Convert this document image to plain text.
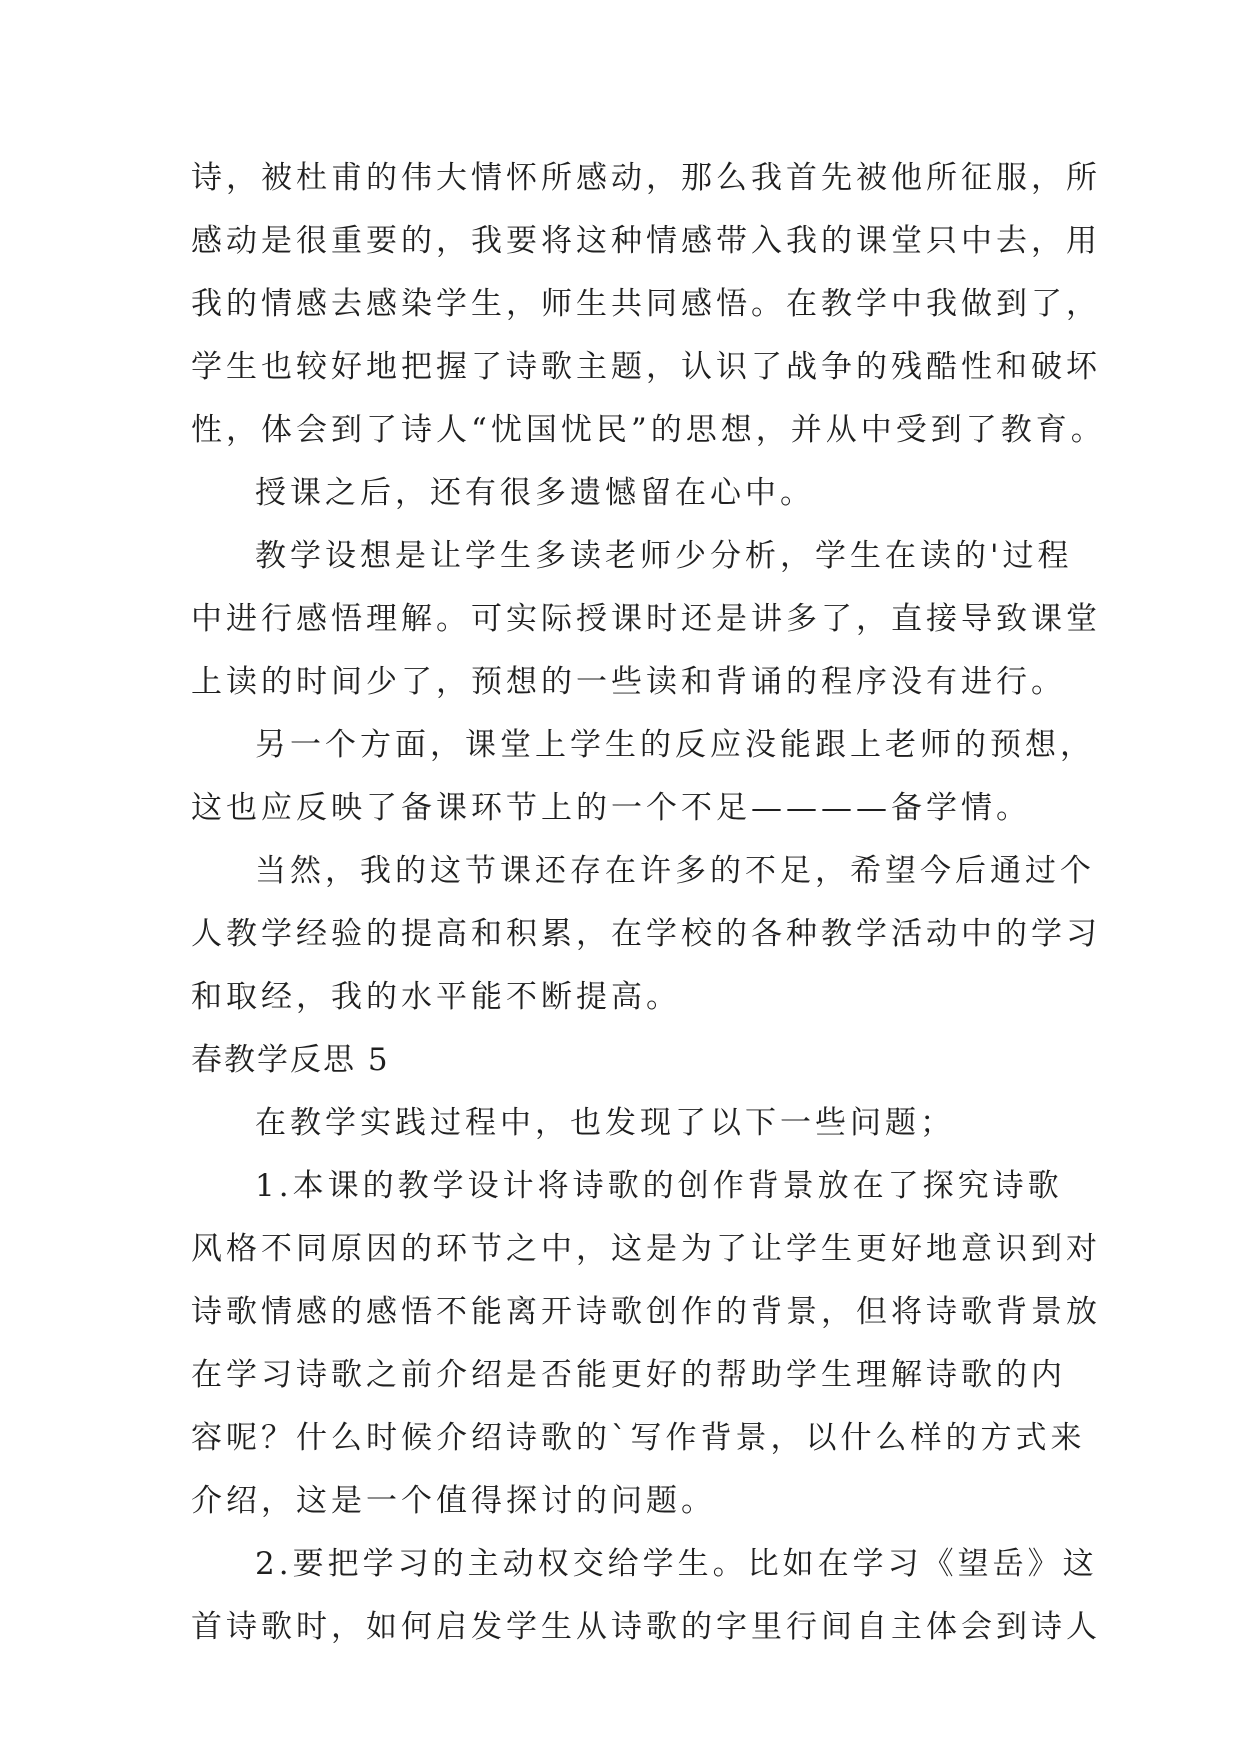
诗，被杜甫的伟大情怀所感动，那么我首先被他所征服，所

感动是很重要的，我要将这种情感带入我的课堂只中去，用

我的情感去感染学生，师生共同感悟。在教学中我做到了，

学生也较好地把握了诗歌主题，认识了战争的残酷性和破坏

性，体会到了诗人“忧国忧民”的思想，并从中受到了教育。

授课之后，还有很多遗憾留在心中。

教学设想是让学生多读老师少分析，学生在读的'过程

中进行感悟理解。可实际授课时还是讲多了，直接导致课堂

上读的时间少了，预想的一些读和背诵的程序没有进行。

另一个方面，课堂上学生的反应没能跟上老师的预想，

这也应反映了备课环节上的一个不足————备学情。

当然，我的这节课还存在许多的不足，希望今后通过个

人教学经验的提高和积累，在学校的各种教学活动中的学习

和取经，我的水平能不断提高。

春教学反思 5

在教学实践过程中，也发现了以下一些问题；

1.本课的教学设计将诗歌的创作背景放在了探究诗歌

风格不同原因的环节之中，这是为了让学生更好地意识到对

诗歌情感的感悟不能离开诗歌创作的背景，但将诗歌背景放

在学习诗歌之前介绍是否能更好的帮助学生理解诗歌的内

容呢？什么时候介绍诗歌的`写作背景，以什么样的方式来

介绍，这是一个值得探讨的问题。

2.要把学习的主动权交给学生。比如在学习《望岳》这

首诗歌时，如何启发学生从诗歌的字里行间自主体会到诗人
